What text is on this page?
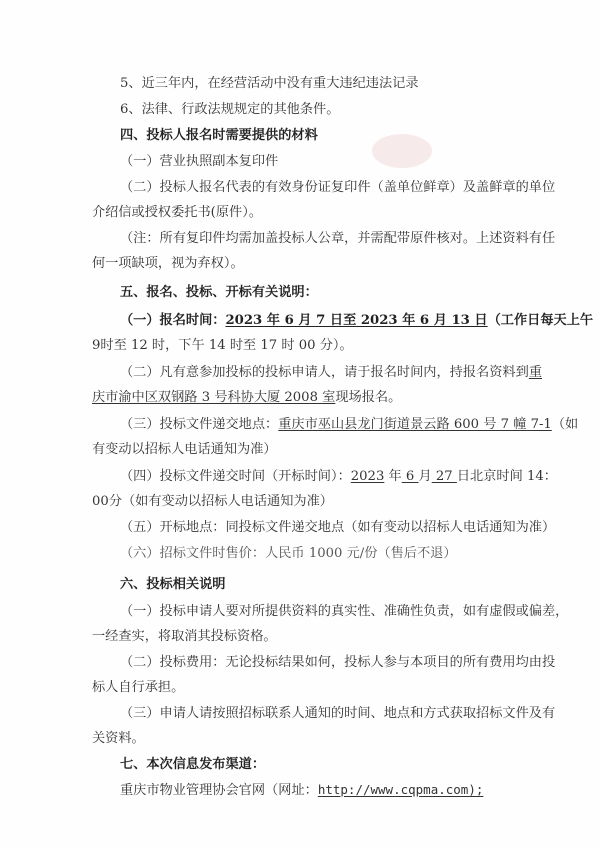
5、近三年内，在经营活动中没有重大违纪违法记录
6、法律、行政法规规定的其他条件。
四、投标人报名时需要提供的材料
（一）营业执照副本复印件
（二）投标人报名代表的有效身份证复印件（盖单位鲜章）及盖鲜章的单位
介绍信或授权委托书(原件）。
（注：所有复印件均需加盖投标人公章，并需配带原件核对。上述资料有任
何一项缺项，视为弃权）。
五、报名、投标、开标有关说明：
（一）报名时间：2023 年 6 月 7 日至 2023 年 6 月 13 日（工作日每天上午
9时至 12 时，下午 14 时至 17 时 00 分）。
（二）凡有意参加投标的投标申请人，请于报名时间内，持报名资料到重
庆市渝中区双钢路 3 号科协大厦 2008 室现场报名。
（三）投标文件递交地点：重庆市巫山县龙门街道景云路 600 号 7 幢 7-1（如
有变动以招标人电话通知为准）
（四）投标文件递交时间（开标时间）：2023 年 6 月 27 日北京时间 14：
00分（如有变动以招标人电话通知为准）
（五）开标地点：同投标文件递交地点（如有变动以招标人电话通知为准）
（六）招标文件时售价：人民币 1000 元/份（售后不退）
六、投标相关说明
（一）投标申请人要对所提供资料的真实性、准确性负责，如有虚假或偏差，
一经查实，将取消其投标资格。
（二）投标费用：无论投标结果如何，投标人参与本项目的所有费用均由投
标人自行承担。
（三）申请人请按照招标联系人通知的时间、地点和方式获取招标文件及有
关资料。
七、本次信息发布渠道：
重庆市物业管理协会官网（网址：http://www.cqpma.com);
